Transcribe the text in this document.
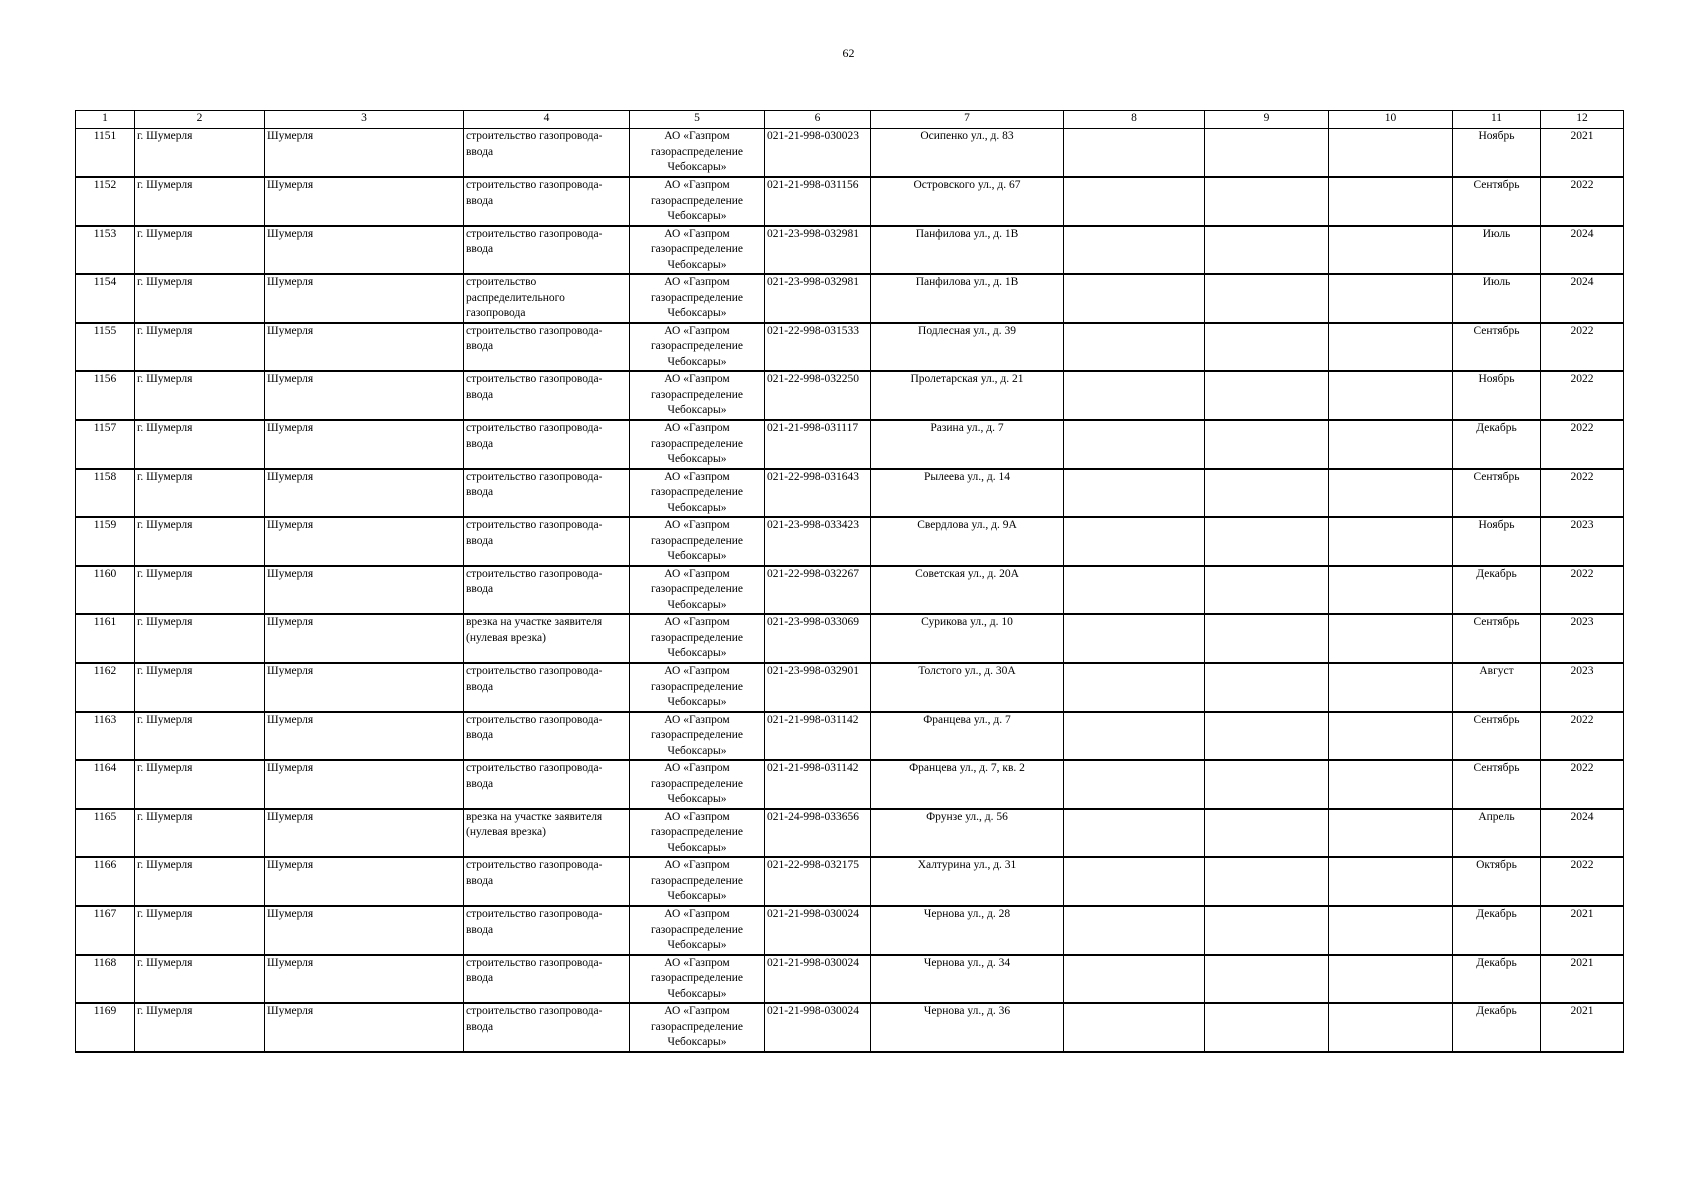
62
1	2	3	4	5	6	7	8	9	10	11	12
1151	г. Шумерля	Шумерля	строительство газопровода-ввода	АО «Газпром газораспределение Чебоксары»	021-21-998-030023	Осипенко ул., д. 83				Ноябрь	2021
1152	г. Шумерля	Шумерля	строительство газопровода-ввода	АО «Газпром газораспределение Чебоксары»	021-21-998-031156	Островского ул., д. 67				Сентябрь	2022
1153	г. Шумерля	Шумерля	строительство газопровода-ввода	АО «Газпром газораспределение Чебоксары»	021-23-998-032981	Панфилова ул., д. 1В				Июль	2024
1154	г. Шумерля	Шумерля	строительство распределительного газопровода	АО «Газпром газораспределение Чебоксары»	021-23-998-032981	Панфилова ул., д. 1В				Июль	2024
1155	г. Шумерля	Шумерля	строительство газопровода-ввода	АО «Газпром газораспределение Чебоксары»	021-22-998-031533	Подлесная ул., д. 39				Сентябрь	2022
1156	г. Шумерля	Шумерля	строительство газопровода-ввода	АО «Газпром газораспределение Чебоксары»	021-22-998-032250	Пролетарская ул., д. 21				Ноябрь	2022
1157	г. Шумерля	Шумерля	строительство газопровода-ввода	АО «Газпром газораспределение Чебоксары»	021-21-998-031117	Разина ул., д. 7				Декабрь	2022
1158	г. Шумерля	Шумерля	строительство газопровода-ввода	АО «Газпром газораспределение Чебоксары»	021-22-998-031643	Рылеева ул., д. 14				Сентябрь	2022
1159	г. Шумерля	Шумерля	строительство газопровода-ввода	АО «Газпром газораспределение Чебоксары»	021-23-998-033423	Свердлова ул., д. 9А				Ноябрь	2023
1160	г. Шумерля	Шумерля	строительство газопровода-ввода	АО «Газпром газораспределение Чебоксары»	021-22-998-032267	Советская ул., д. 20А				Декабрь	2022
1161	г. Шумерля	Шумерля	врезка на участке заявителя (нулевая врезка)	АО «Газпром газораспределение Чебоксары»	021-23-998-033069	Сурикова ул., д. 10				Сентябрь	2023
1162	г. Шумерля	Шумерля	строительство газопровода-ввода	АО «Газпром газораспределение Чебоксары»	021-23-998-032901	Толстого ул., д. 30А				Август	2023
1163	г. Шумерля	Шумерля	строительство газопровода-ввода	АО «Газпром газораспределение Чебоксары»	021-21-998-031142	Францева ул., д. 7				Сентябрь	2022
1164	г. Шумерля	Шумерля	строительство газопровода-ввода	АО «Газпром газораспределение Чебоксары»	021-21-998-031142	Францева ул., д. 7, кв. 2				Сентябрь	2022
1165	г. Шумерля	Шумерля	врезка на участке заявителя (нулевая врезка)	АО «Газпром газораспределение Чебоксары»	021-24-998-033656	Фрунзе ул., д. 56				Апрель	2024
1166	г. Шумерля	Шумерля	строительство газопровода-ввода	АО «Газпром газораспределение Чебоксары»	021-22-998-032175	Халтурина ул., д. 31				Октябрь	2022
1167	г. Шумерля	Шумерля	строительство газопровода-ввода	АО «Газпром газораспределение Чебоксары»	021-21-998-030024	Чернова ул., д. 28				Декабрь	2021
1168	г. Шумерля	Шумерля	строительство газопровода-ввода	АО «Газпром газораспределение Чебоксары»	021-21-998-030024	Чернова ул., д. 34				Декабрь	2021
1169	г. Шумерля	Шумерля	строительство газопровода-ввода	АО «Газпром газораспределение Чебоксары»	021-21-998-030024	Чернова ул., д. 36				Декабрь	2021
